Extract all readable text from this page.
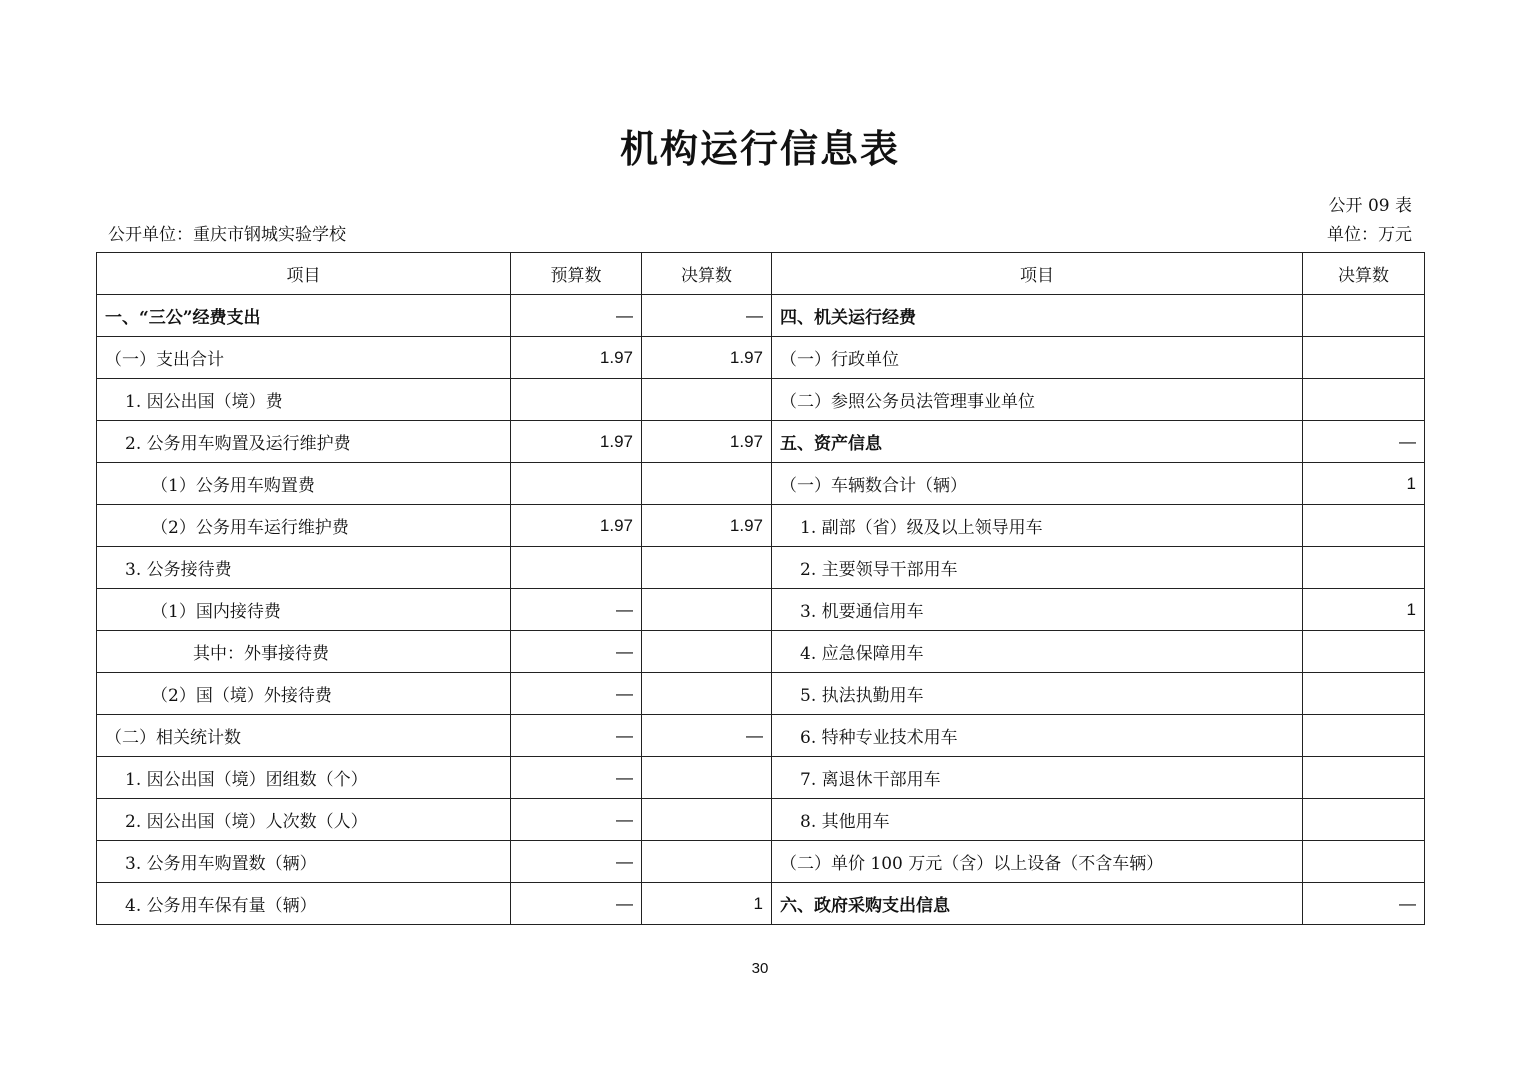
机构运行信息表
公开 09 表
公开单位：重庆市钢城实验学校	单位：万元
项目	预算数	决算数	项目	决算数
一、“三公”经费支出	—	—	四、机关运行经费	
（一）支出合计	1.97	1.97	（一）行政单位	
1. 因公出国（境）费			（二）参照公务员法管理事业单位	
2. 公务用车购置及运行维护费	1.97	1.97	五、资产信息	—
（1）公务用车购置费			（一）车辆数合计（辆）	1
（2）公务用车运行维护费	1.97	1.97	1. 副部（省）级及以上领导用车	
3. 公务接待费			2. 主要领导干部用车	
（1）国内接待费	—		3. 机要通信用车	1
其中：外事接待费	—		4. 应急保障用车	
（2）国（境）外接待费	—		5. 执法执勤用车	
（二）相关统计数	—	—	6. 特种专业技术用车	
1. 因公出国（境）团组数（个）	—		7. 离退休干部用车	
2. 因公出国（境）人次数（人）	—		8. 其他用车	
3. 公务用车购置数（辆）	—		（二）单价 100 万元（含）以上设备（不含车辆）	
4. 公务用车保有量（辆）	—	1	六、政府采购支出信息	—
30
